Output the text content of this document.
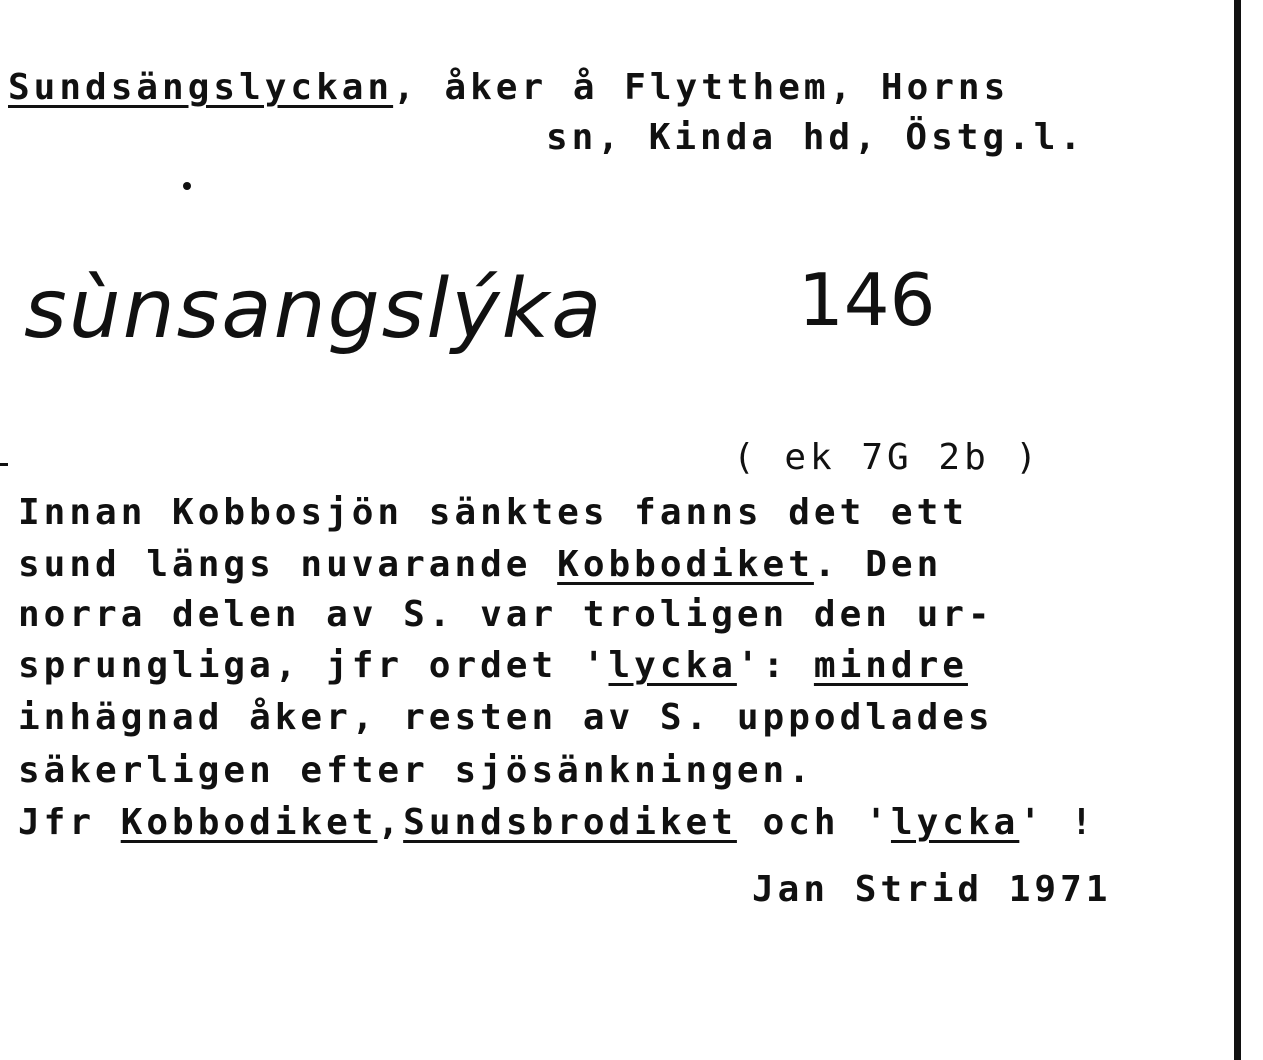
Sundsängslyckan, åker å Flytthem, Horns
sn, Kinda hd, Östg.l.
sùnsangslýka	146
( ek 7G 2b )
Innan Kobbosjön sänktes fanns det ett
sund längs nuvarande Kobbodiket. Den
norra delen av S. var troligen den ur-
sprungliga, jfr ordet 'lycka': mindre
inhägnad åker, resten av S. uppodlades
säkerligen efter sjösänkningen.
Jfr Kobbodiket,Sundsbrodiket och 'lycka' !
Jan Strid 1971
